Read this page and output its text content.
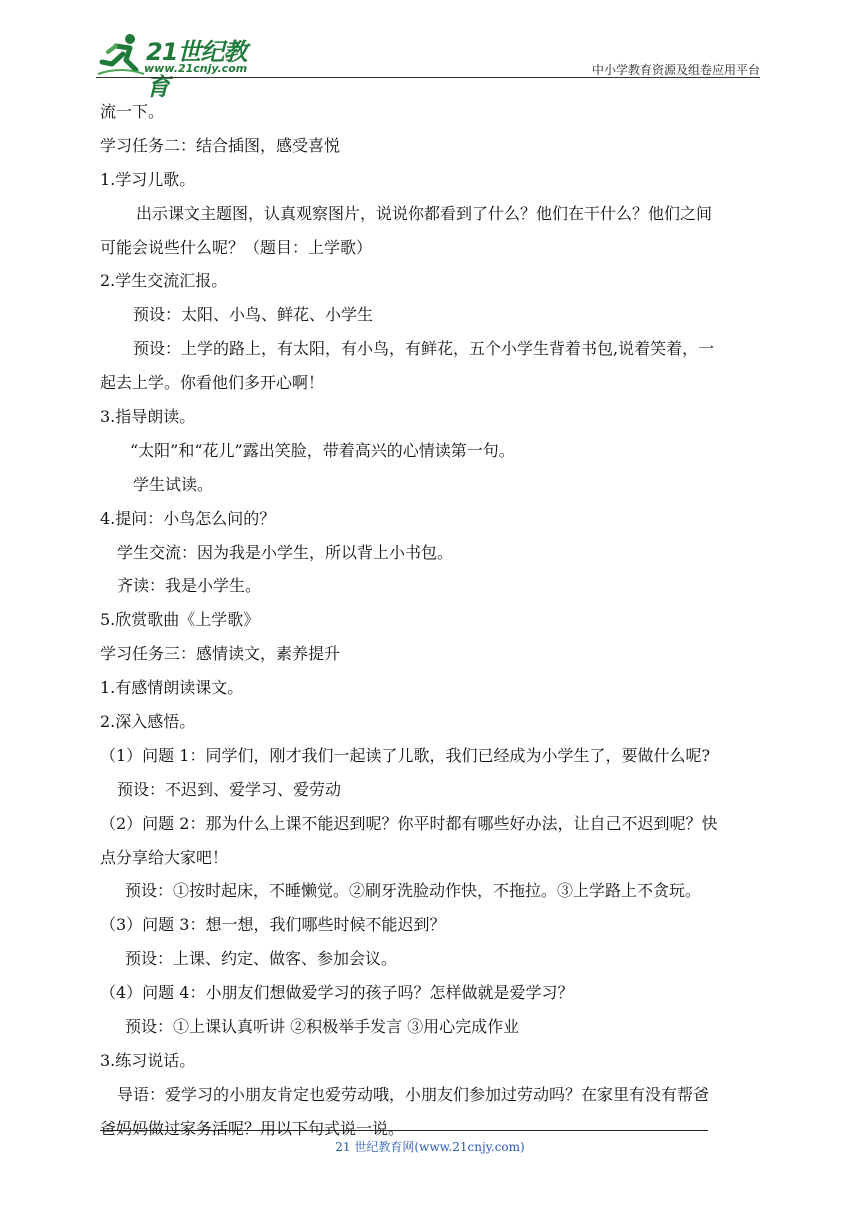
21世纪教育
www.21cnjy.com	中小学教育资源及组卷应用平台
流一下。
学习任务二：结合插图，感受喜悦
1.学习儿歌。
出示课文主题图，认真观察图片，说说你都看到了什么？他们在干什么？他们之间
可能会说些什么呢？（题目：上学歌）
2.学生交流汇报。
预设：太阳、小鸟、鲜花、小学生
预设：上学的路上，有太阳，有小鸟，有鲜花，五个小学生背着书包,说着笑着，一
起去上学。你看他们多开心啊！
3.指导朗读。
“太阳”和“花儿”露出笑脸，带着高兴的心情读第一句。
学生试读。
4.提问：小鸟怎么问的？
学生交流：因为我是小学生，所以背上小书包。
齐读：我是小学生。
5.欣赏歌曲《上学歌》
学习任务三：感情读文，素养提升
1.有感情朗读课文。
2.深入感悟。
（1）问题 1：同学们，刚才我们一起读了儿歌，我们已经成为小学生了，要做什么呢?
预设：不迟到、爱学习、爱劳动
（2）问题 2：那为什么上课不能迟到呢？你平时都有哪些好办法，让自己不迟到呢？快
点分享给大家吧！
预设：①按时起床，不睡懒觉。②刷牙洗脸动作快，不拖拉。③上学路上不贪玩。
（3）问题 3：想一想，我们哪些时候不能迟到？
预设：上课、约定、做客、参加会议。
（4）问题 4：小朋友们想做爱学习的孩子吗？怎样做就是爱学习？
预设：①上课认真听讲 ②积极举手发言 ③用心完成作业
3.练习说话。
导语：爱学习的小朋友肯定也爱劳动哦，小朋友们参加过劳动吗？在家里有没有帮爸
爸妈妈做过家务活呢？用以下句式说一说。
21 世纪教育网(www.21cnjy.com)
